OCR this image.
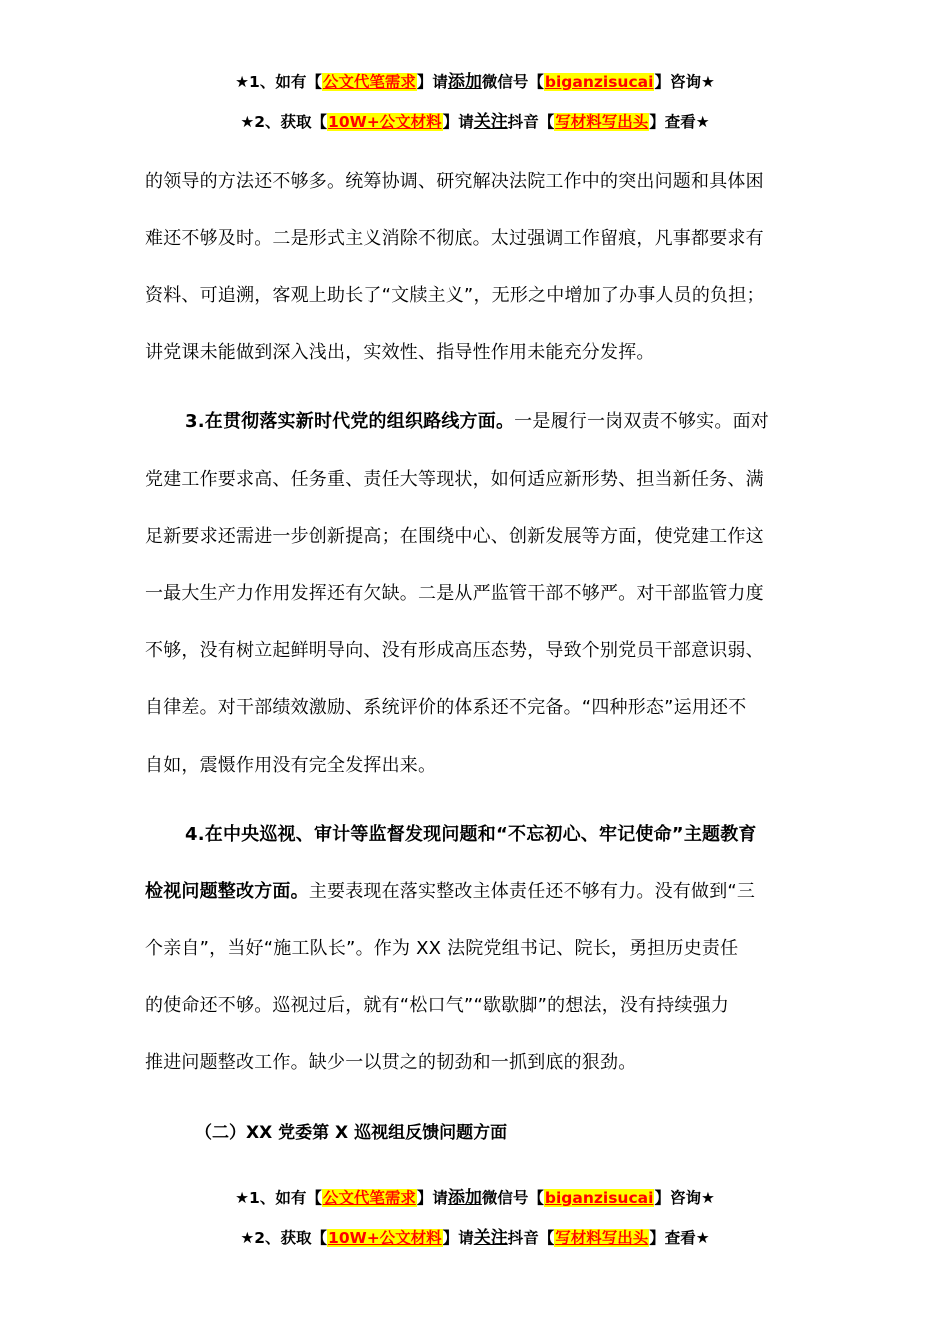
★1、如有【公文代笔需求】请添加微信号【biganzisucai】咨询★
★2、获取【10W+公文材料】请关注抖音【写材料写出头】查看★
的领导的方法还不够多。统筹协调、研究解决法院工作中的突出问题和具体困
难还不够及时。二是形式主义消除不彻底。太过强调工作留痕，凡事都要求有
资料、可追溯，客观上助长了“文牍主义”，无形之中增加了办事人员的负担；
讲党课未能做到深入浅出，实效性、指导性作用未能充分发挥。
3.在贯彻落实新时代党的组织路线方面。一是履行一岗双责不够实。面对
党建工作要求高、任务重、责任大等现状，如何适应新形势、担当新任务、满
足新要求还需进一步创新提高；在围绕中心、创新发展等方面，使党建工作这
一最大生产力作用发挥还有欠缺。二是从严监管干部不够严。对干部监管力度
不够，没有树立起鲜明导向、没有形成高压态势，导致个别党员干部意识弱、
自律差。对干部绩效激励、系统评价的体系还不完备。“四种形态”运用还不
自如，震慑作用没有完全发挥出来。
4.在中央巡视、审计等监督发现问题和“不忘初心、牢记使命”主题教育
检视问题整改方面。主要表现在落实整改主体责任还不够有力。没有做到“三
个亲自”，当好“施工队长”。作为 XX 法院党组书记、院长，勇担历史责任
的使命还不够。巡视过后，就有“松口气”“歇歇脚”的想法，没有持续强力
推进问题整改工作。缺少一以贯之的韧劲和一抓到底的狠劲。
（二）XX 党委第 X 巡视组反馈问题方面
★1、如有【公文代笔需求】请添加微信号【biganzisucai】咨询★
★2、获取【10W+公文材料】请关注抖音【写材料写出头】查看★
